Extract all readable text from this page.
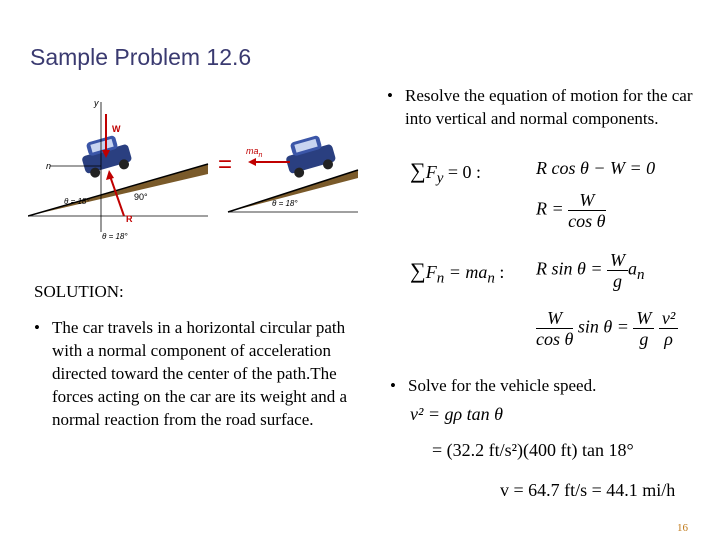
Sample Problem 12.6
y
n
W
R
90°
θ = 18°
θ = 18°
= $ma_n$
θ = 18°
• Resolve the equation of motion for the car into vertical and normal components.
$\sum F_y = 0$ :	R cos θ − W = 0
$R = \frac{W}{\text{cos θ}}$
$\sum F_n = ma_n$ : R $\sin \theta = \frac{W}{g} a_n$
$\frac{W}{\text{cos θ}}$ $\sin \theta = \frac{W}{g}$
$\frac{\text{v²}}{\rho}$
• Solve for the vehicle speed.
v² = gρ tan θ
= (32.2 ft/s²)(400 ft) tan 18°
v = 64.7 ft/s = 44.1 mi/h
SOLUTION:
• The car travels in a horizontal circular path with a normal component of acceleration directed toward the center of the path.The forces acting on the car are its weight and a normal reaction from the road surface.
16
